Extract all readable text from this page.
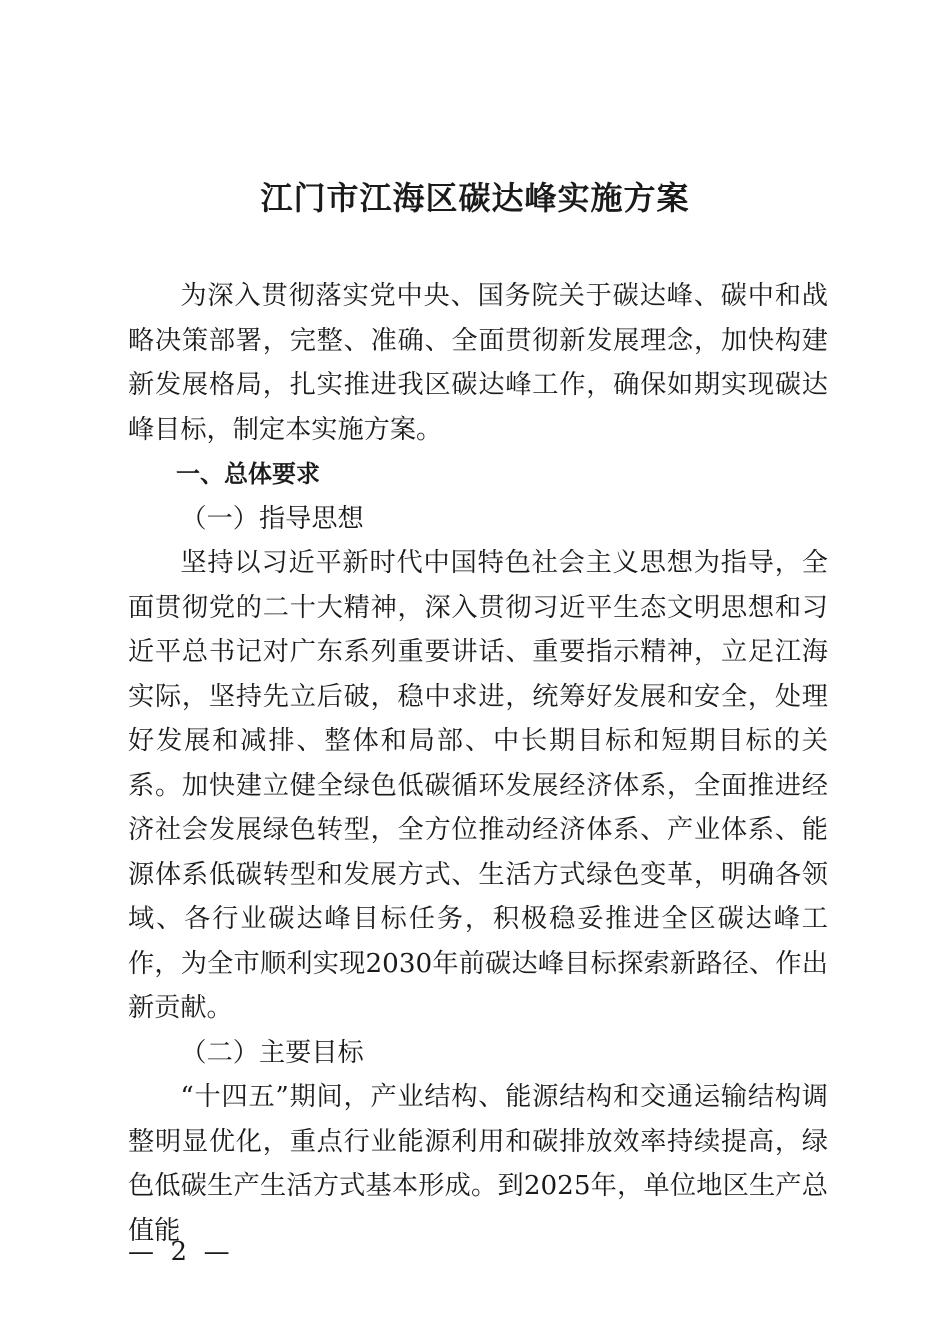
江门市江海区碳达峰实施方案

为深入贯彻落实党中央、国务院关于碳达峰、碳中和战略决策部署，完整、准确、全面贯彻新发展理念，加快构建新发展格局，扎实推进我区碳达峰工作，确保如期实现碳达峰目标，制定本实施方案。

一、总体要求

（一）指导思想

坚持以习近平新时代中国特色社会主义思想为指导，全面贯彻党的二十大精神，深入贯彻习近平生态文明思想和习近平总书记对广东系列重要讲话、重要指示精神，立足江海实际，坚持先立后破，稳中求进，统筹好发展和安全，处理好发展和减排、整体和局部、中长期目标和短期目标的关系。加快建立健全绿色低碳循环发展经济体系，全面推进经济社会发展绿色转型，全方位推动经济体系、产业体系、能源体系低碳转型和发展方式、生活方式绿色变革，明确各领域、各行业碳达峰目标任务，积极稳妥推进全区碳达峰工作，为全市顺利实现2030年前碳达峰目标探索新路径、作出新贡献。

（二）主要目标

“十四五”期间，产业结构、能源结构和交通运输结构调整明显优化，重点行业能源利用和碳排放效率持续提高，绿色低碳生产生活方式基本形成。到2025年，单位地区生产总值能

—  2  —
